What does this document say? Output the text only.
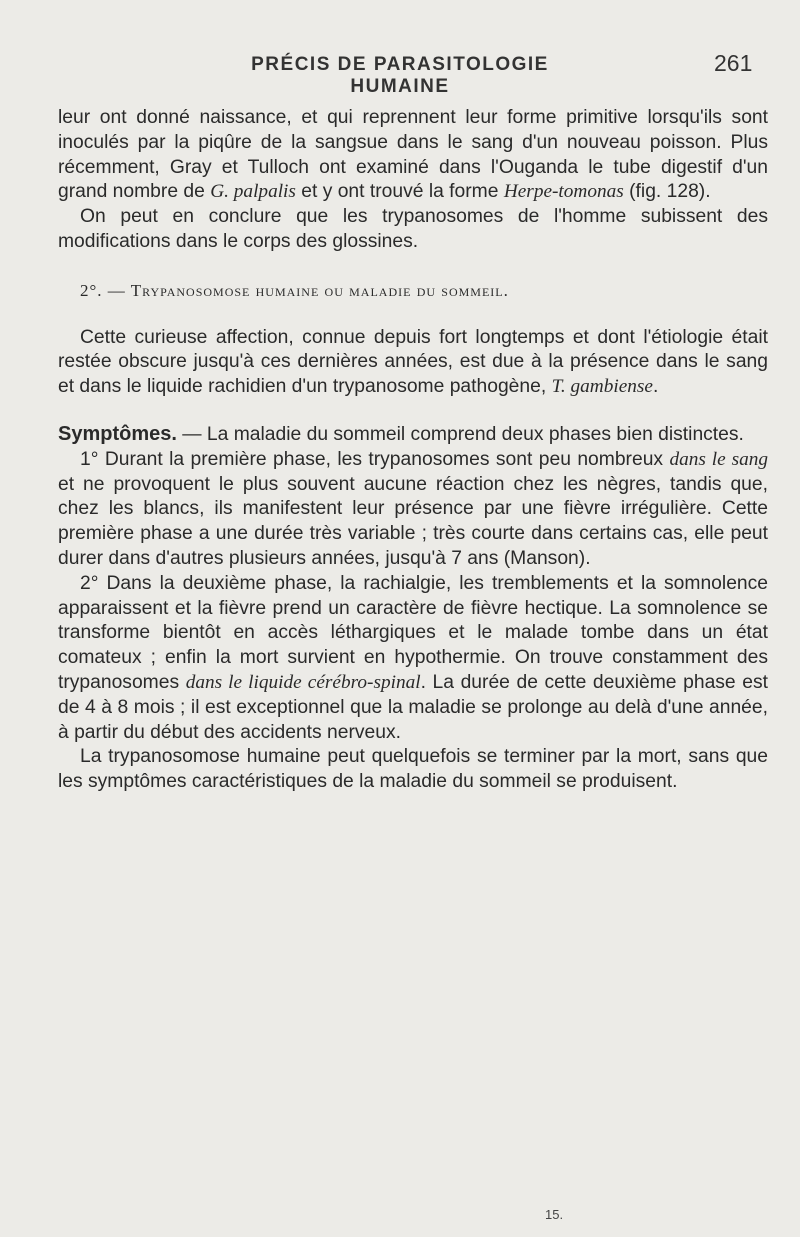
PRÉCIS DE PARASITOLOGIE HUMAINE
261

leur ont donné naissance, et qui reprennent leur forme primitive lorsqu'ils sont inoculés par la piqûre de la sangsue dans le sang d'un nouveau poisson. Plus récemment, Gray et Tulloch ont examiné dans l'Ouganda le tube digestif d'un grand nombre de G. palpalis et y ont trouvé la forme Herpe-tomonas (fig. 128).

On peut en conclure que les trypanosomes de l'homme subissent des modifications dans le corps des glossines.

2°. — Trypanosomose humaine ou maladie du sommeil.

Cette curieuse affection, connue depuis fort longtemps et dont l'étiologie était restée obscure jusqu'à ces dernières années, est due à la présence dans le sang et dans le liquide rachidien d'un trypanosome pathogène, T. gambiense.

Symptômes. — La maladie du sommeil comprend deux phases bien distinctes.

1° Durant la première phase, les trypanosomes sont peu nombreux dans le sang et ne provoquent le plus souvent aucune réaction chez les nègres, tandis que, chez les blancs, ils manifestent leur présence par une fièvre irrégulière. Cette première phase a une durée très variable ; très courte dans certains cas, elle peut durer dans d'autres plusieurs années, jusqu'à 7 ans (Manson).

2° Dans la deuxième phase, la rachialgie, les tremblements et la somnolence apparaissent et la fièvre prend un caractère de fièvre hectique. La somnolence se transforme bientôt en accès léthargiques et le malade tombe dans un état comateux ; enfin la mort survient en hypothermie. On trouve constamment des trypanosomes dans le liquide cérébro-spinal. La durée de cette deuxième phase est de 4 à 8 mois ; il est exceptionnel que la maladie se prolonge au delà d'une année, à partir du début des accidents nerveux.

La trypanosomose humaine peut quelquefois se terminer par la mort, sans que les symptômes caractéristiques de la maladie du sommeil se produisent.

15.
